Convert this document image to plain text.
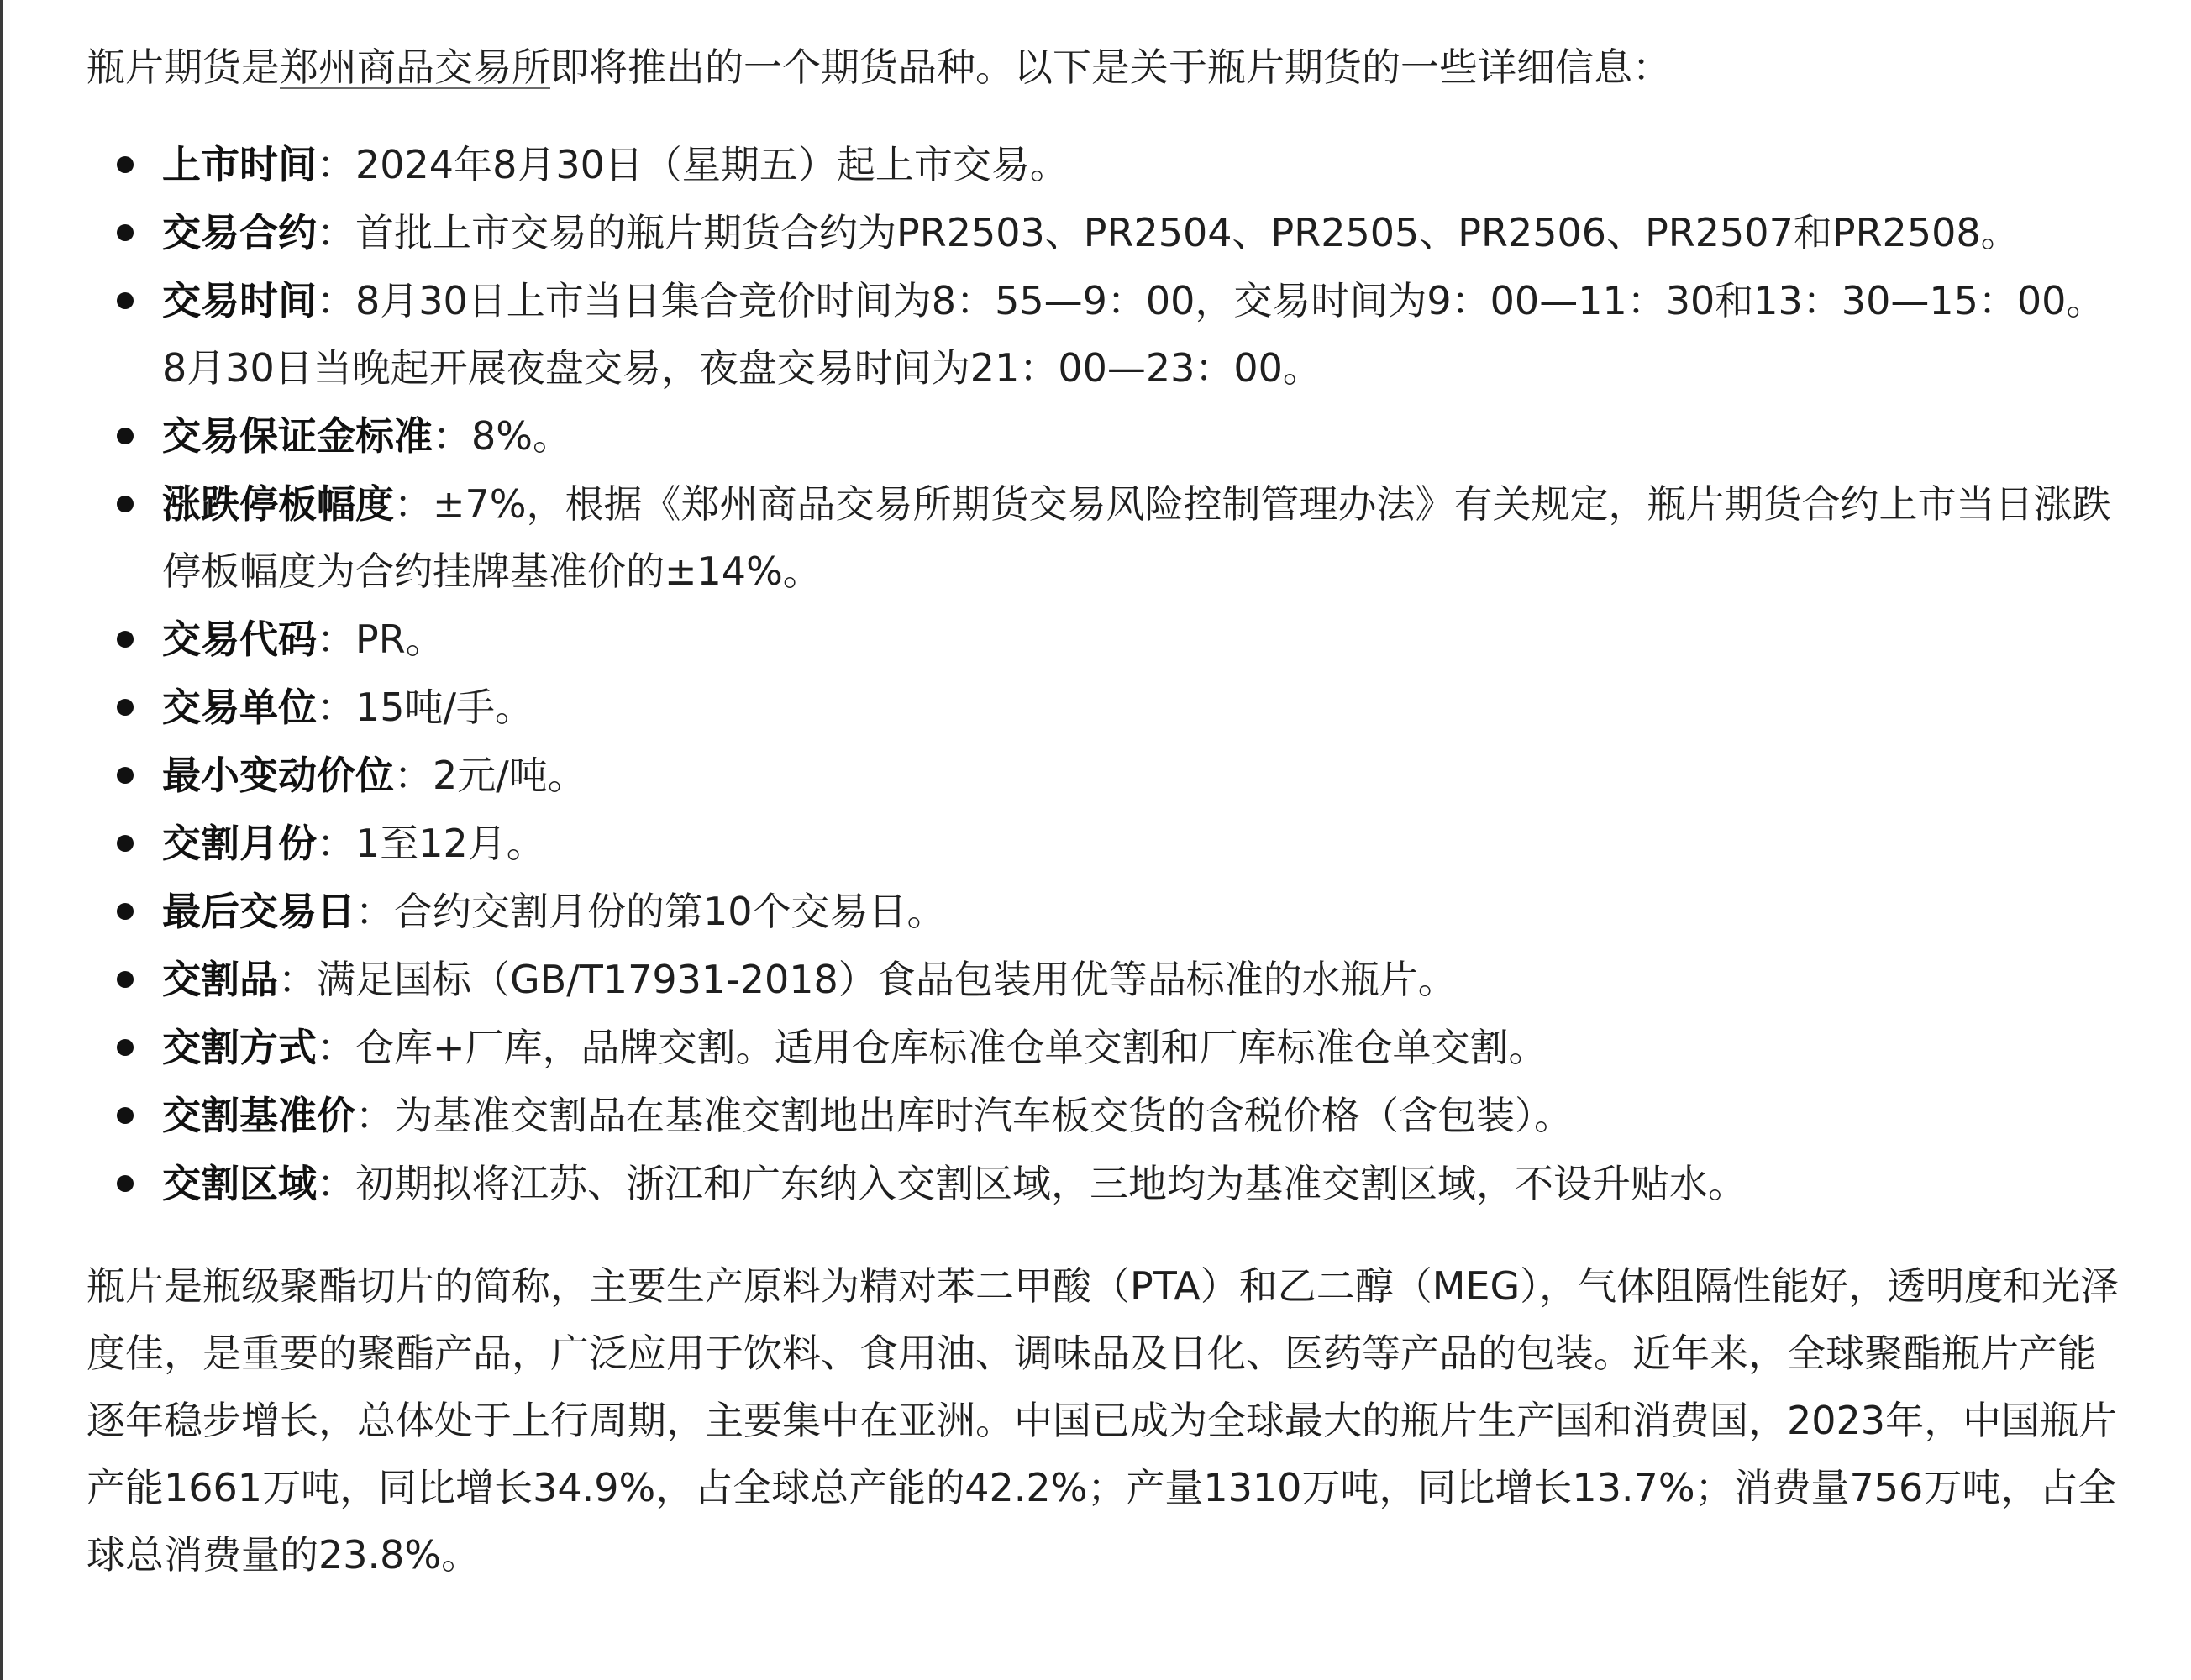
瓶片期货是郑州商品交易所即将推出的一个期货品种。以下是关于瓶片期货的一些详细信息：

上市时间：2024年8月30日（星期五）起上市交易。
交易合约：首批上市交易的瓶片期货合约为PR2503、PR2504、PR2505、PR2506、PR2507和PR2508。
交易时间：8月30日上市当日集合竞价时间为8：55—9：00，交易时间为9：00—11：30和13：30—15：00。8月30日当晚起开展夜盘交易，夜盘交易时间为21：00—23：00。
交易保证金标准：8%。
涨跌停板幅度：±7%，根据《郑州商品交易所期货交易风险控制管理办法》有关规定，瓶片期货合约上市当日涨跌停板幅度为合约挂牌基准价的±14%。
交易代码：PR。
交易单位：15吨/手。
最小变动价位：2元/吨。
交割月份：1至12月。
最后交易日：合约交割月份的第10个交易日。
交割品：满足国标（GB/T17931-2018）食品包装用优等品标准的水瓶片。
交割方式：仓库+厂库，品牌交割。适用仓库标准仓单交割和厂库标准仓单交割。
交割基准价：为基准交割品在基准交割地出库时汽车板交货的含税价格（含包装）。
交割区域：初期拟将江苏、浙江和广东纳入交割区域，三地均为基准交割区域，不设升贴水。

瓶片是瓶级聚酯切片的简称，主要生产原料为精对苯二甲酸（PTA）和乙二醇（MEG），气体阻隔性能好，透明度和光泽度佳，是重要的聚酯产品，广泛应用于饮料、食用油、调味品及日化、医药等产品的包装。近年来，全球聚酯瓶片产能逐年稳步增长，总体处于上行周期，主要集中在亚洲。中国已成为全球最大的瓶片生产国和消费国，2023年，中国瓶片产能1661万吨，同比增长34.9%，占全球总产能的42.2%；产量1310万吨，同比增长13.7%；消费量756万吨，占全球总消费量的23.8%。
